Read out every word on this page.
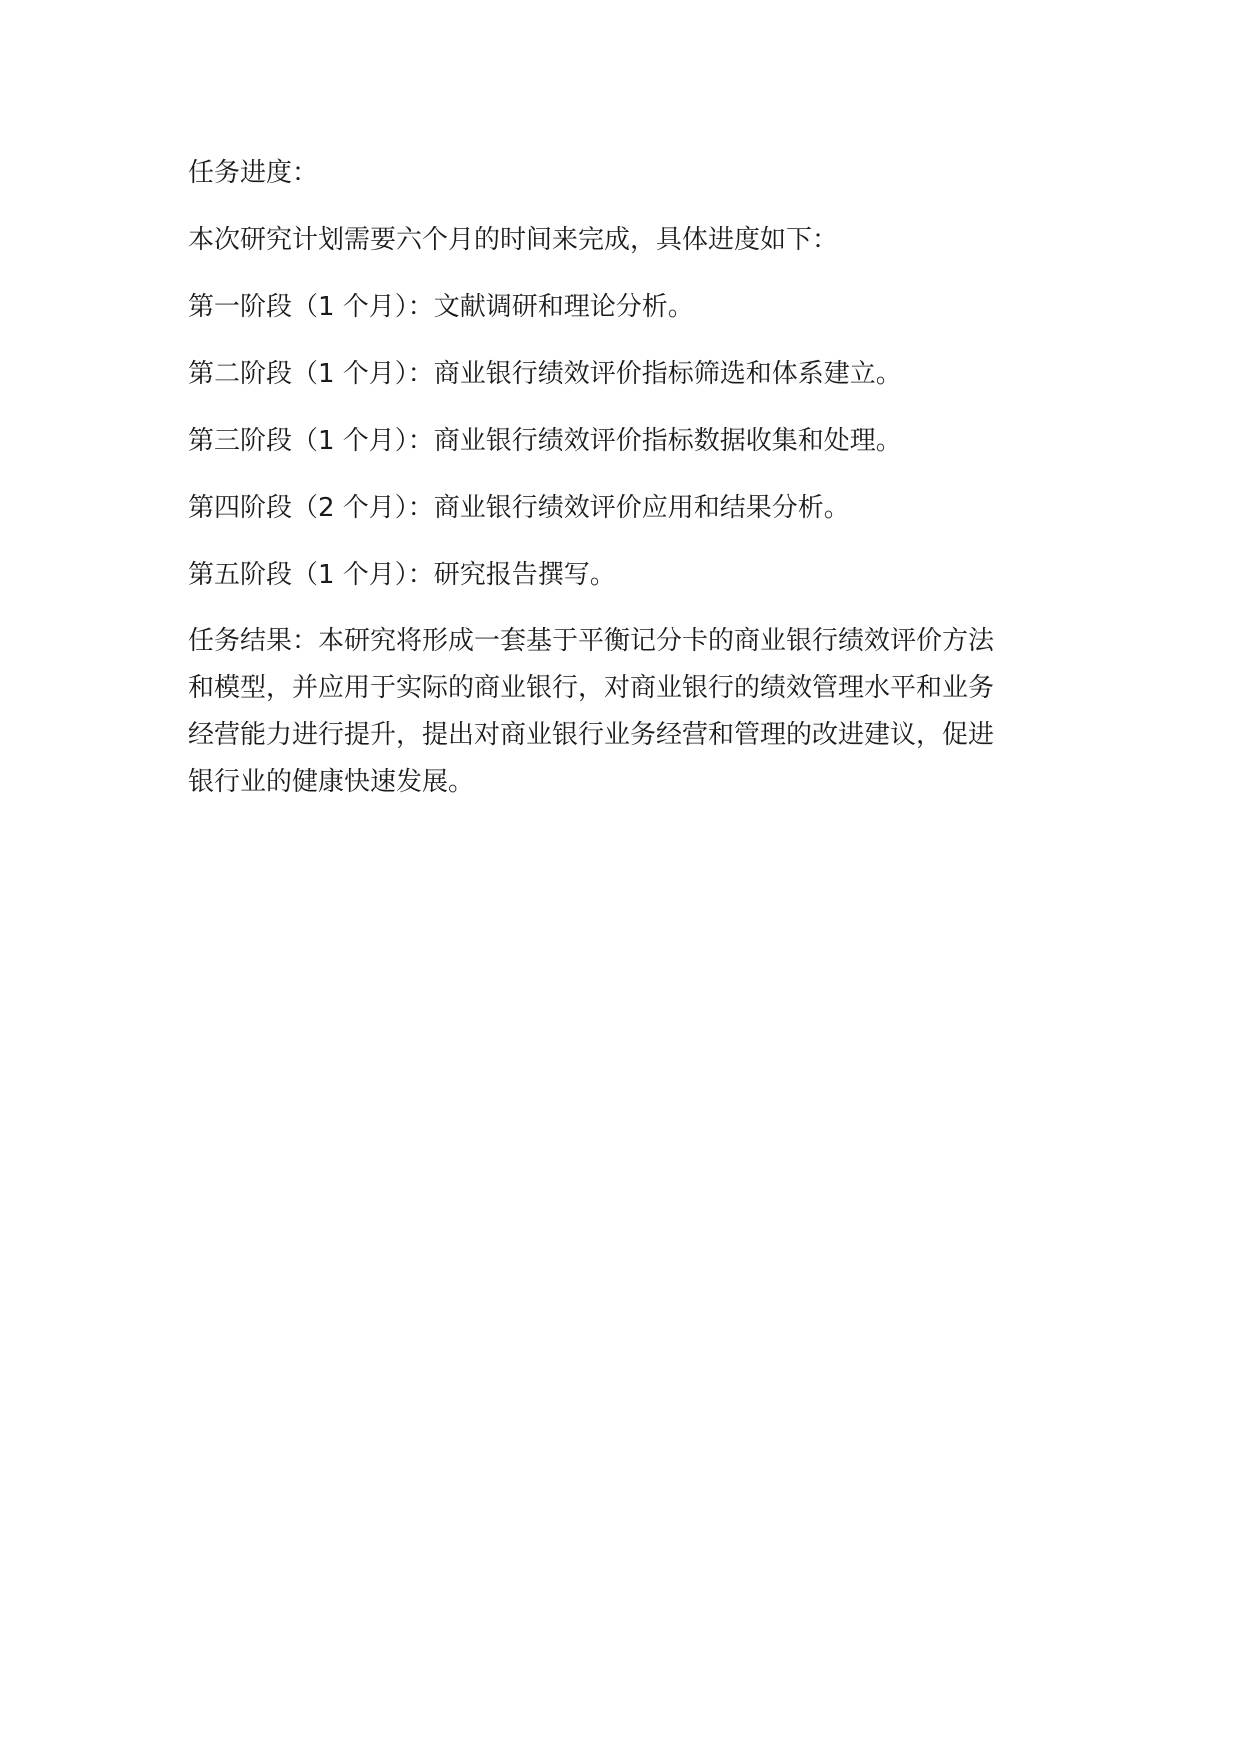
任务进度：

本次研究计划需要六个月的时间来完成，具体进度如下：

第一阶段（1 个月）：文献调研和理论分析。

第二阶段（1 个月）：商业银行绩效评价指标筛选和体系建立。

第三阶段（1 个月）：商业银行绩效评价指标数据收集和处理。

第四阶段（2 个月）：商业银行绩效评价应用和结果分析。

第五阶段（1 个月）：研究报告撰写。

任务结果：本研究将形成一套基于平衡记分卡的商业银行绩效评价方法
和模型，并应用于实际的商业银行，对商业银行的绩效管理水平和业务
经营能力进行提升，提出对商业银行业务经营和管理的改进建议，促进
银行业的健康快速发展。
